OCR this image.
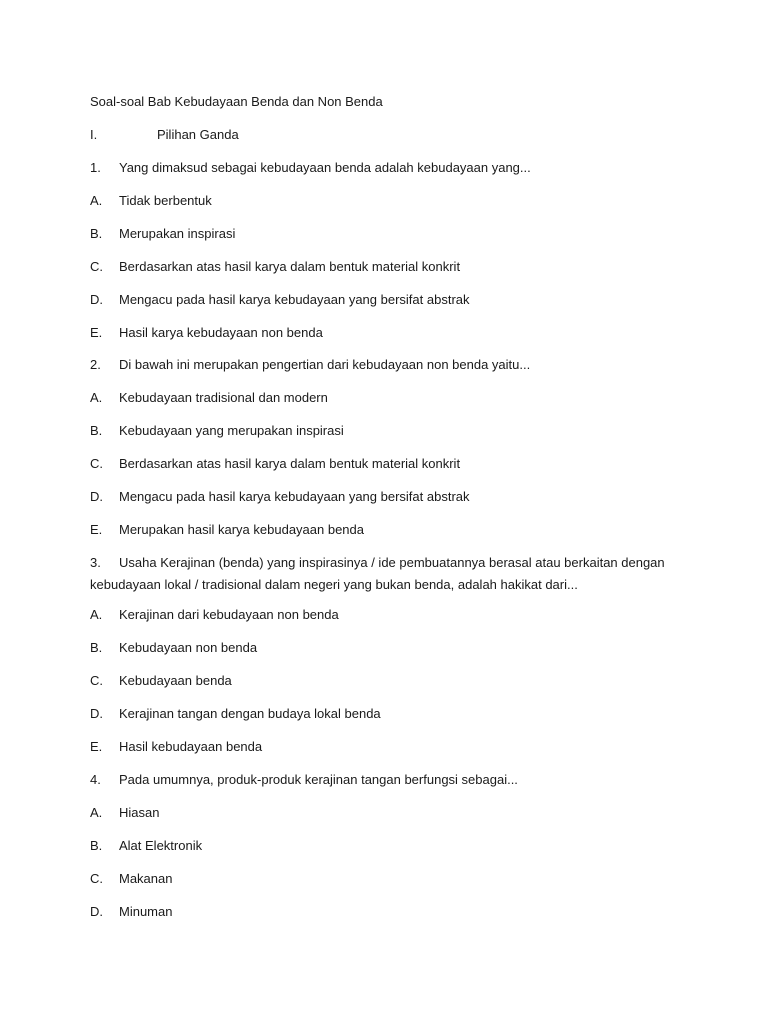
Soal-soal Bab Kebudayaan Benda dan Non Benda
I.	Pilihan Ganda
1. Yang dimaksud sebagai kebudayaan benda adalah kebudayaan yang...
A. Tidak berbentuk
B. Merupakan inspirasi
C. Berdasarkan atas hasil karya dalam bentuk material konkrit
D. Mengacu pada hasil karya kebudayaan yang bersifat abstrak
E. Hasil karya kebudayaan non benda
2. Di bawah ini merupakan pengertian dari kebudayaan non benda yaitu...
A. Kebudayaan tradisional dan modern
B. Kebudayaan yang merupakan inspirasi
C. Berdasarkan atas hasil karya dalam bentuk material konkrit
D. Mengacu pada hasil karya kebudayaan yang bersifat abstrak
E. Merupakan hasil karya kebudayaan benda
3. Usaha Kerajinan (benda) yang inspirasinya / ide pembuatannya berasal atau berkaitan dengan
kebudayaan lokal / tradisional dalam negeri yang bukan benda, adalah hakikat dari...
A. Kerajinan dari kebudayaan non benda
B. Kebudayaan non benda
C. Kebudayaan benda
D. Kerajinan tangan dengan budaya lokal benda
E. Hasil kebudayaan benda
4. Pada umumnya, produk-produk kerajinan tangan berfungsi sebagai...
A. Hiasan
B. Alat Elektronik
C. Makanan
D. Minuman
